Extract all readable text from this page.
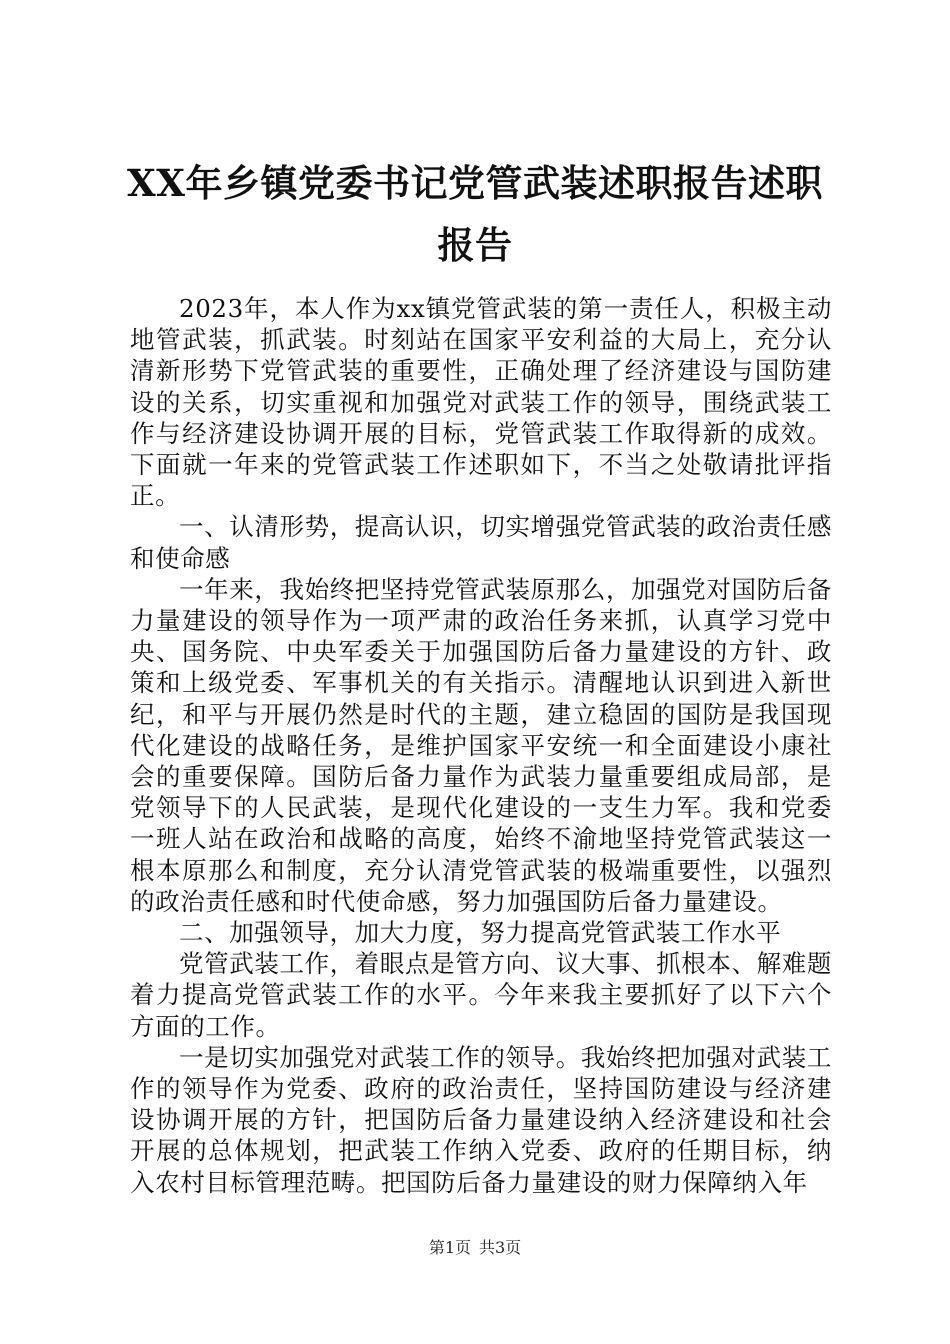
XX年乡镇党委书记党管武装述职报告述职报告

2023年，本人作为xx镇党管武装的第一责任人，积极主动地管武装，抓武装。时刻站在国家平安利益的大局上，充分认清新形势下党管武装的重要性，正确处理了经济建设与国防建设的关系，切实重视和加强党对武装工作的领导，围绕武装工作与经济建设协调开展的目标，党管武装工作取得新的成效。下面就一年来的党管武装工作述职如下，不当之处敬请批评指正。

一、认清形势，提高认识，切实增强党管武装的政治责任感和使命感

一年来，我始终把坚持党管武装原那么，加强党对国防后备力量建设的领导作为一项严肃的政治任务来抓，认真学习党中央、国务院、中央军委关于加强国防后备力量建设的方针、政策和上级党委、军事机关的有关指示。清醒地认识到进入新世纪，和平与开展仍然是时代的主题，建立稳固的国防是我国现代化建设的战略任务，是维护国家平安统一和全面建设小康社会的重要保障。国防后备力量作为武装力量重要组成局部，是党领导下的人民武装，是现代化建设的一支生力军。我和党委一班人站在政治和战略的高度，始终不渝地坚持党管武装这一根本原那么和制度，充分认清党管武装的极端重要性，以强烈的政治责任感和时代使命感，努力加强国防后备力量建设。

二、加强领导，加大力度，努力提高党管武装工作水平

党管武装工作，着眼点是管方向、议大事、抓根本、解难题着力提高党管武装工作的水平。今年来我主要抓好了以下六个方面的工作。

一是切实加强党对武装工作的领导。我始终把加强对武装工作的领导作为党委、政府的政治责任，坚持国防建设与经济建设协调开展的方针，把国防后备力量建设纳入经济建设和社会开展的总体规划，把武装工作纳入党委、政府的任期目标，纳入农村目标管理范畴。把国防后备力量建设的财力保障纳入年

第1页 共3页
